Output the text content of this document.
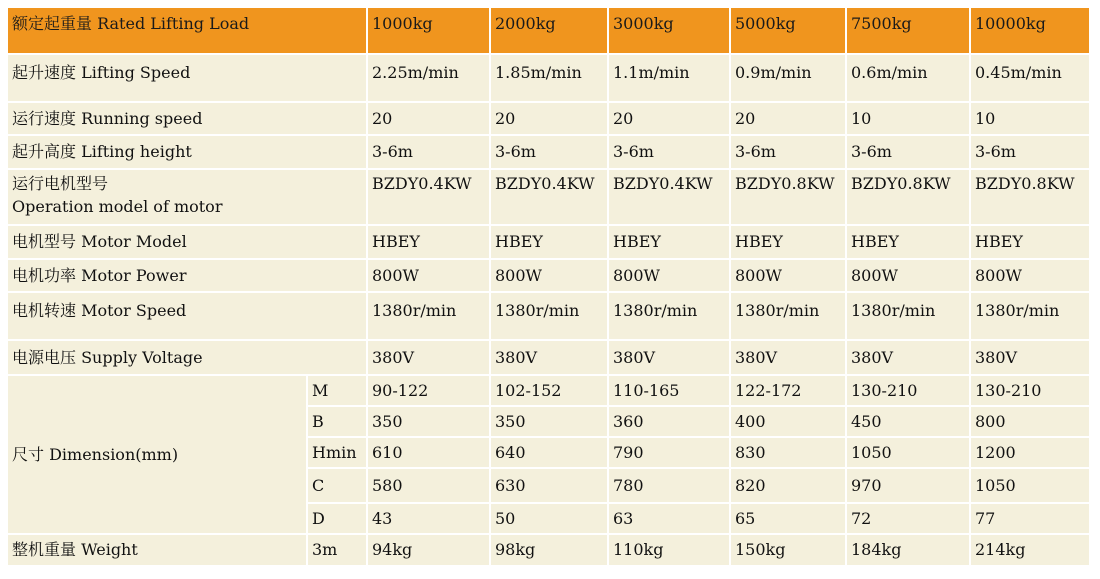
额定起重量 Rated Lifting Load		1000kg	2000kg	3000kg	5000kg	7500kg	10000kg
起升速度 Lifting Speed		2.25m/min	1.85m/min	1.1m/min	0.9m/min	0.6m/min	0.45m/min
运行速度 Running speed		20	20	20	20	10	10
起升高度 Lifting height		3-6m	3-6m	3-6m	3-6m	3-6m	3-6m

运行电机型号
Operation model of motor		BZDY0.4KW	BZDY0.4KW	BZDY0.4KW	BZDY0.8KW	BZDY0.8KW	BZDY0.8KW
电机型号 Motor Model		HBEY	HBEY	HBEY	HBEY	HBEY	HBEY
电机功率 Motor Power		800W	800W	800W	800W	800W	800W
电机转速 Motor Speed		1380r/min	1380r/min	1380r/min	1380r/min	1380r/min	1380r/min
电源电压 Supply Voltage		380V	380V	380V	380V	380V	380V
尺寸 Dimension(mm)	M	90-122	102-152	110-165	122-172	130-210	130-210
	B	350	350	360	400	450	800
	Hmin	610	640	790	830	1050	1200
	C	580	630	780	820	970	1050
	D	43	50	63	65	72	77
整机重量 Weight	3m	94kg	98kg	110kg	150kg	184kg	214kg
